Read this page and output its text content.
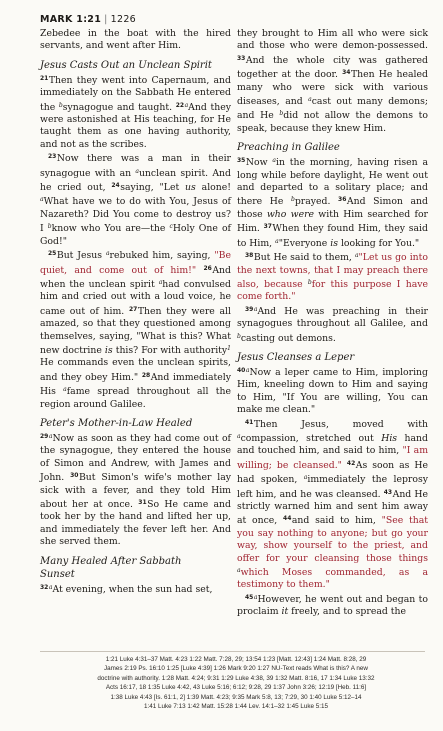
MARK 1:21 | 1226

Zebedee in the boat with the hired servants, and went after Him.

Jesus Casts Out an Unclean Spirit

$^{21}$Then they went into Capernaum, and immediately on the Sabbath He entered the $^b$synagogue and taught. $^{22a}$And they were astonished at His teaching, for He taught them as one having authority, and not as the scribes.

$^{23}$Now there was a man in their synagogue with an $^a$unclean spirit. And he cried out, $^{24}$saying, "Let us alone! $^a$What have we to do with You, Jesus of Nazareth? Did You come to destroy us? I $^b$know who You are—the $^c$Holy One of God!"

$^{25}$But Jesus $^a$rebuked him, saying, "Be quiet, and come out of him!" $^{26}$And when the unclean spirit $^a$had convulsed him and cried out with a loud voice, he came out of him. $^{27}$Then they were all amazed, so that they questioned among themselves, saying, "What is this? What new doctrine is this? For with authority$^1$ He commands even the unclean spirits, and they obey Him." $^{28}$And immediately His $^a$fame spread throughout all the region around Galilee.

Peter's Mother-in-Law Healed

$^{29a}$Now as soon as they had come out of the synagogue, they entered the house of Simon and Andrew, with James and John. $^{30}$But Simon's wife's mother lay sick with a fever, and they told Him about her at once. $^{31}$So He came and took her by the hand and lifted her up, and immediately the fever left her. And she served them.

Many Healed After Sabbath Sunset

$^{32a}$At evening, when the sun had set,

they brought to Him all who were sick and those who were demon-possessed. $^{33}$And the whole city was gathered together at the door. $^{34}$Then He healed many who were sick with various diseases, and $^a$cast out many demons; and He $^b$did not allow the demons to speak, because they knew Him.

Preaching in Galilee

$^{35}$Now $^a$in the morning, having risen a long while before daylight, He went out and departed to a solitary place; and there He $^b$prayed. $^{36}$And Simon and those who were with Him searched for Him. $^{37}$When they found Him, they said to Him, $^a$"Everyone is looking for You."

$^{38}$But He said to them, $^a$"Let us go into the next towns, that I may preach there also, because $^b$for this purpose I have come forth."

$^{39a}$And He was preaching in their synagogues throughout all Galilee, and $^b$casting out demons.

Jesus Cleanses a Leper

$^{40a}$Now a leper came to Him, imploring Him, kneeling down to Him and saying to Him, "If You are willing, You can make me clean."

$^{41}$Then Jesus, moved with $^a$compassion, stretched out His hand and touched him, and said to him, "I am willing; be cleansed." $^{42}$As soon as He had spoken, $^a$immediately the leprosy left him, and he was cleansed. $^{43}$And He strictly warned him and sent him away at once, $^{44}$and said to him, "See that you say nothing to anyone; but go your way, show yourself to the priest, and offer for your cleansing those things $^a$which Moses commanded, as a testimony to them."

$^{45a}$However, he went out and began to proclaim it freely, and to spread the

1:21 Luke 4:31–37 Matt. 4:23 1:22 Matt. 7:28, 29; 13:54 1:23 [Matt. 12:43] 1:24 Matt. 8:28, 29
James 2:19 Ps. 16:10 1:25 [Luke 4:39] 1:26 Mark 9:20 1:27 NU-Text reads What is this? A new
doctrine with authority. 1:28 Matt. 4:24; 9:31 1:29 Luke 4:38, 39 1:32 Matt. 8:16, 17 1:34 Luke 13:32
Acts 16:17, 18 1:35 Luke 4:42, 43 Luke 5:16; 6:12; 9:28, 29 1:37 John 3:26; 12:19 [Heb. 11:6]
1:38 Luke 4:43 [Is. 61:1, 2] 1:39 Matt. 4:23; 9:35 Mark 5:8, 13; 7:29, 30 1:40 Luke 5:12–14
1:41 Luke 7:13 1:42 Matt. 15:28 1:44 Lev. 14:1–32 1:45 Luke 5:15
